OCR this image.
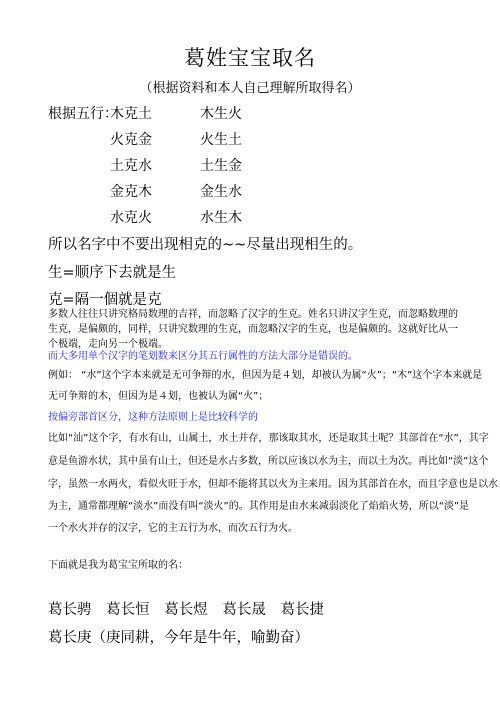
葛姓宝宝取名
（根据资料和本人自己理解所取得名）
根据五行：
木克土	木生火
火克金	火生土
土克水	土生金
金克木	金生水
水克火	水生木
所以名字中不要出现相克的~~尽量出现相生的。
生=顺序下去就是生
克=隔一個就是克
多数人往往只讲究格局数理的吉祥，而忽略了汉字的生克。姓名只讲汉字生克，而忽略数理的生克，是偏颇的，同样，只讲究数理的生克，而忽略汉字的生克，也是偏颇的。这就好比从一个极端，走向另一个极端。
而大多用单个汉字的笔划数来区分其五行属性的方法大部分是错误的。
例如： “水”这个字本来就是无可争辩的水，但因为是４划，却被认为属“火”；“木”这个字本来就是
无可争辩的木，但因为是４划，也被认为属“火”；
按偏旁部首区分，这种方法原则上是比较科学的
比如“汕”这个字，有水有山，山属土，水土并存，那该取其水，还是取其土呢？其部首在“水”，其字
意是鱼游水状，其中虽有山土，但还是水占多数，所以应该以水为主，而以土为次。再比如“淡”这个
字，虽然一水两火，看似火旺于水，但却不能将其以火为主来用。因为其部首在水，而且字意也是以水
为主，通常都理解“淡水”而没有叫“淡火”的。其作用是由水来减弱淡化了焰焰火势，所以“淡”是
一个水火并存的汉字，它的主五行为水，而次五行为火。
下面就是我为葛宝宝所取的名：
葛长骋 葛长恒 葛长煜 葛长晟 葛长捷
葛长庚（庚同耕，今年是牛年，喻勤奋）
